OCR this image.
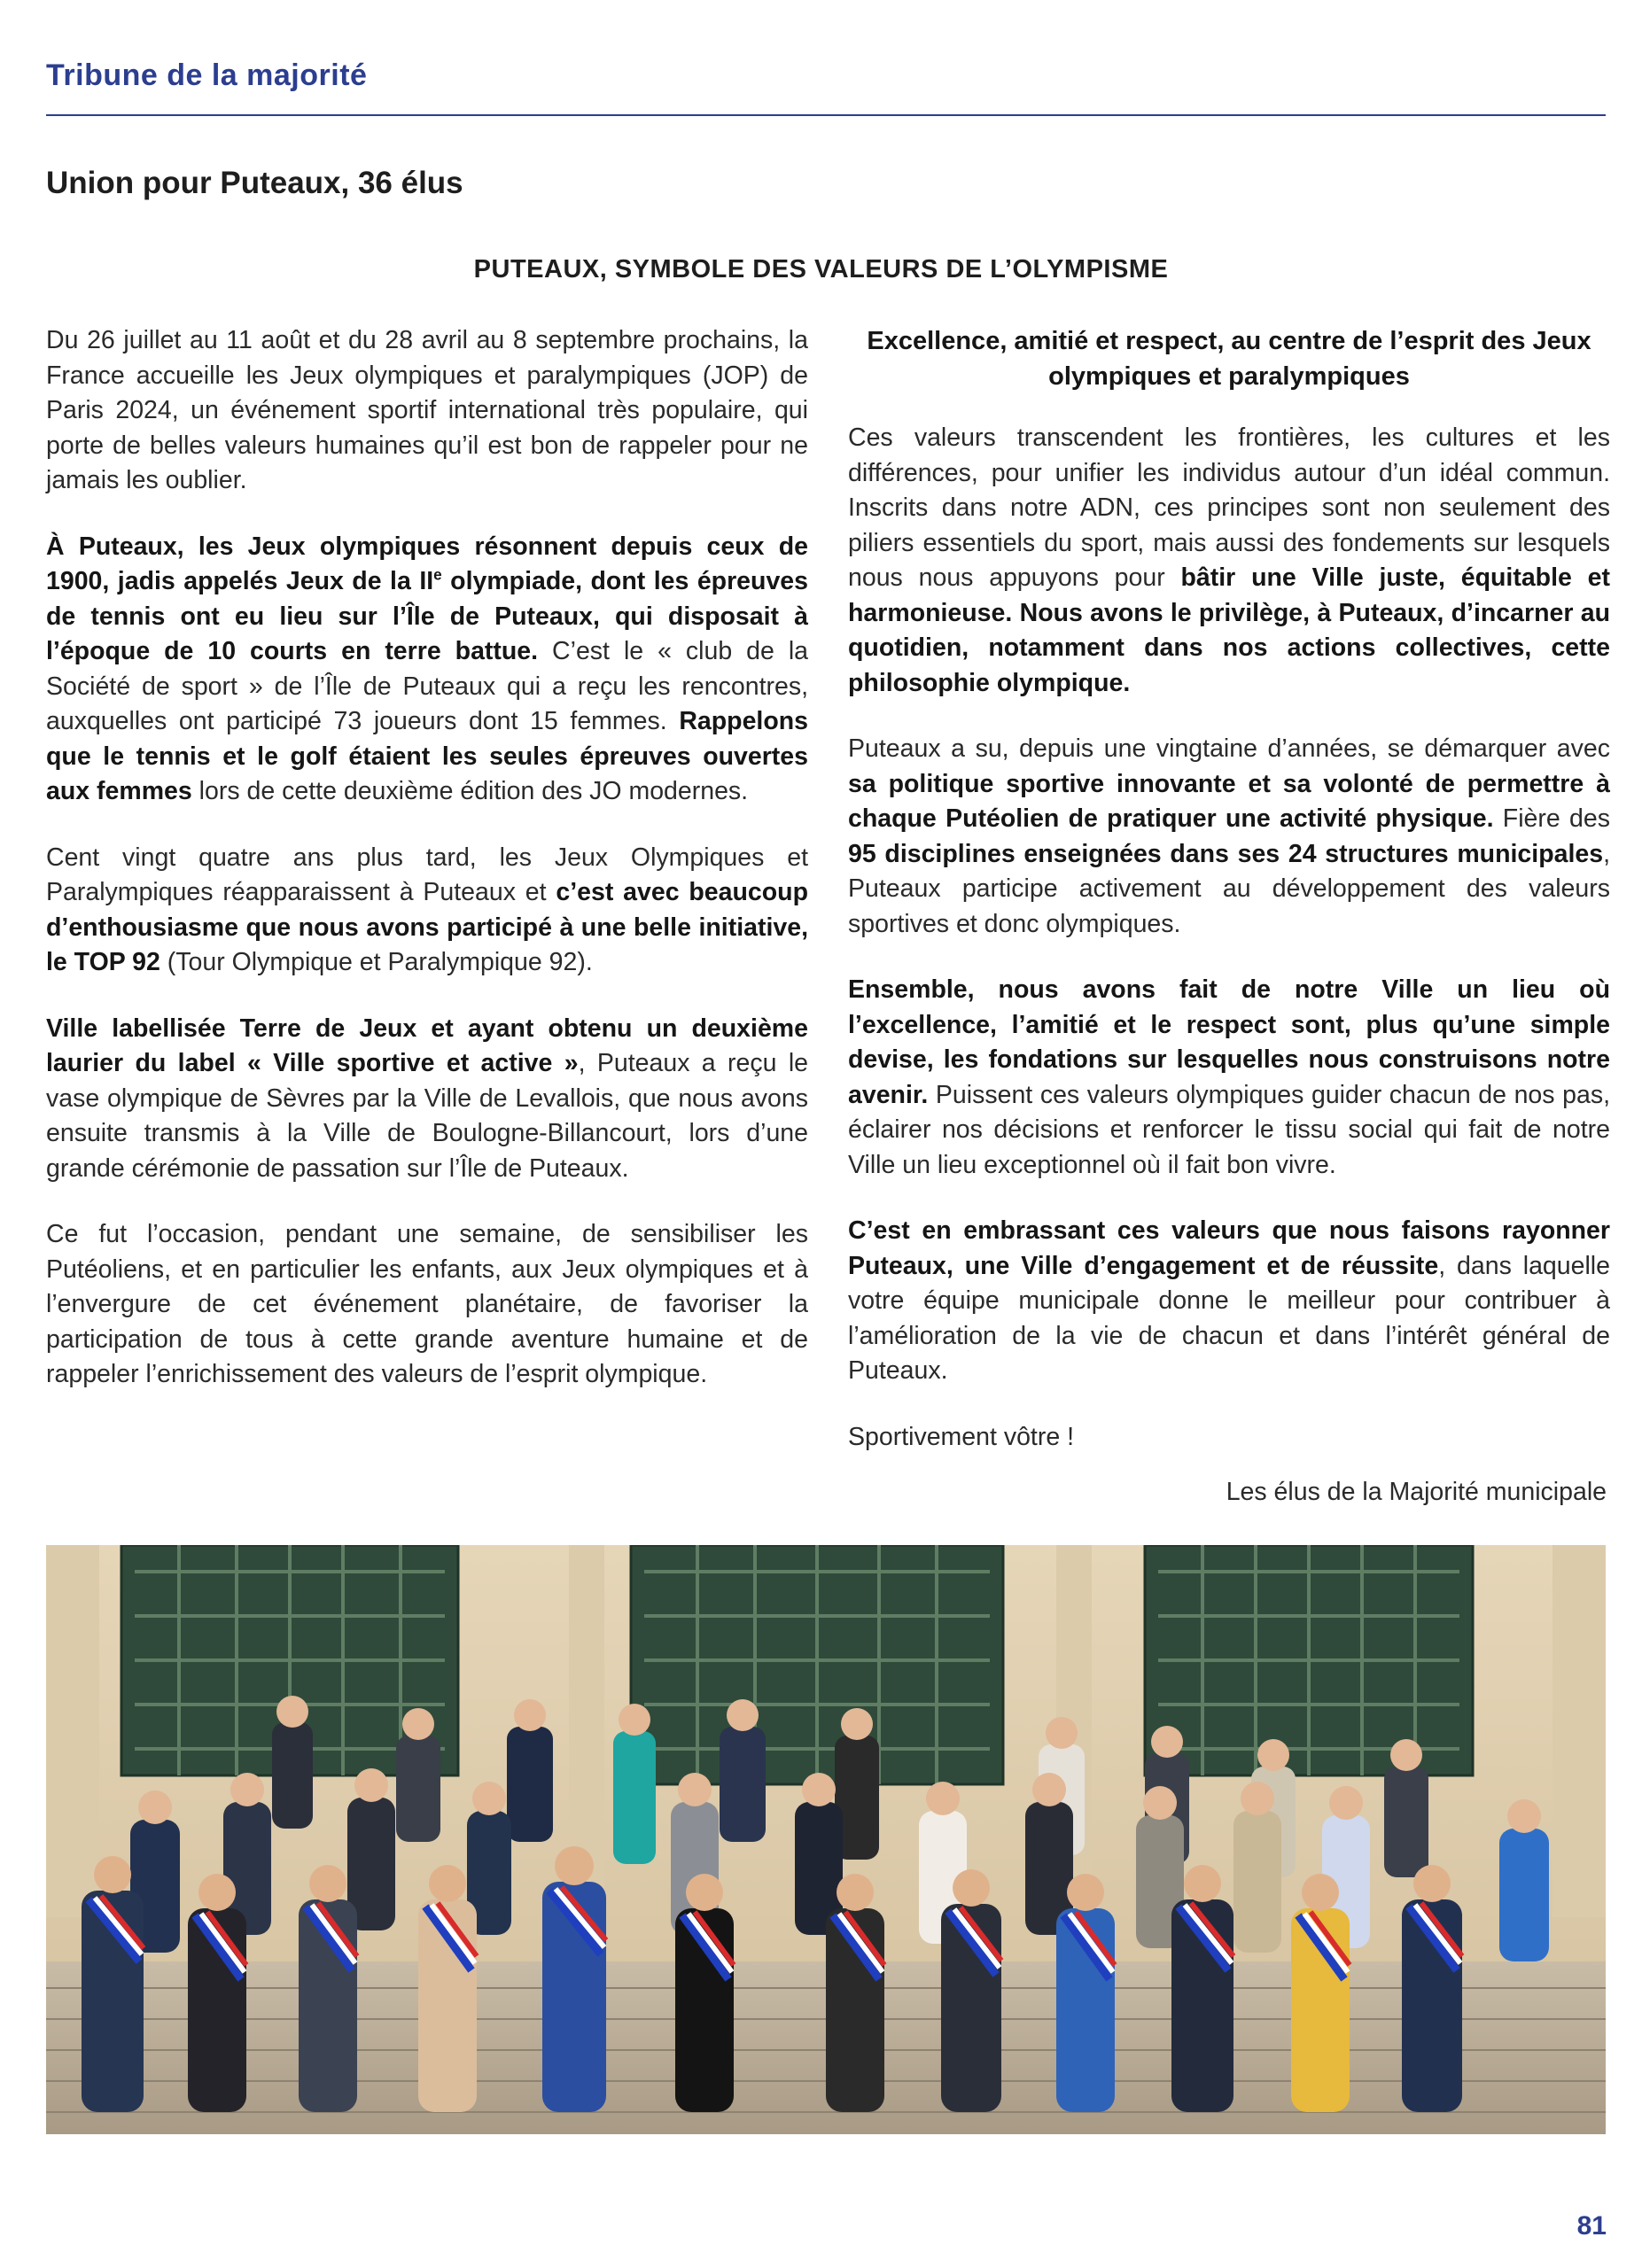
Tribune de la majorité
Union pour Puteaux, 36 élus
PUTEAUX, SYMBOLE DES VALEURS DE L’OLYMPISME

Du 26 juillet au 11 août et du 28 avril au 8 septembre prochains, la France accueille les Jeux olympiques et paralympiques (JOP) de Paris 2024, un événement sportif international très populaire, qui porte de belles valeurs humaines qu’il est bon de rappeler pour ne jamais les oublier.

À Puteaux, les Jeux olympiques résonnent depuis ceux de 1900, jadis appelés Jeux de la IIe olympiade, dont les épreuves de tennis ont eu lieu sur l’Île de Puteaux, qui disposait à l’époque de 10 courts en terre battue. C’est le « club de la Société de sport » de l’Île de Puteaux qui a reçu les rencontres, auxquelles ont participé 73 joueurs dont 15 femmes. Rappelons que le tennis et le golf étaient les seules épreuves ouvertes aux femmes lors de cette deuxième édition des JO modernes.

Cent vingt quatre ans plus tard, les Jeux Olympiques et Paralympiques réapparaissent à Puteaux et c’est avec beaucoup d’enthousiasme que nous avons participé à une belle initiative, le TOP 92 (Tour Olympique et Paralympique 92).

Ville labellisée Terre de Jeux et ayant obtenu un deuxième laurier du label « Ville sportive et active », Puteaux a reçu le vase olympique de Sèvres par la Ville de Levallois, que nous avons ensuite transmis à la Ville de Boulogne-Billancourt, lors d’une grande cérémonie de passation sur l’Île de Puteaux.

Ce fut l’occasion, pendant une semaine, de sensibiliser les Putéoliens, et en particulier les enfants, aux Jeux olympiques et à l’envergure de cet événement planétaire, de favoriser la participation de tous à cette grande aventure humaine et de rappeler l’enrichissement des valeurs de l’esprit olympique.

Excellence, amitié et respect, au centre de l’esprit des Jeux olympiques et paralympiques

Ces valeurs transcendent les frontières, les cultures et les différences, pour unifier les individus autour d’un idéal commun. Inscrits dans notre ADN, ces principes sont non seulement des piliers essentiels du sport, mais aussi des fondements sur lesquels nous nous appuyons pour bâtir une Ville juste, équitable et harmonieuse. Nous avons le privilège, à Puteaux, d’incarner au quotidien, notamment dans nos actions collectives, cette philosophie olympique.

Puteaux a su, depuis une vingtaine d’années, se démarquer avec sa politique sportive innovante et sa volonté de permettre à chaque Putéolien de pratiquer une activité physique. Fière des 95 disciplines enseignées dans ses 24 structures municipales, Puteaux participe activement au développement des valeurs sportives et donc olympiques.

Ensemble, nous avons fait de notre Ville un lieu où l’excellence, l’amitié et le respect sont, plus qu’une simple devise, les fondations sur lesquelles nous construisons notre avenir. Puissent ces valeurs olympiques guider chacun de nos pas, éclairer nos décisions et renforcer le tissu social qui fait de notre Ville un lieu exceptionnel où il fait bon vivre.

C’est en embrassant ces valeurs que nous faisons rayonner Puteaux, une Ville d’engagement et de réussite, dans laquelle votre équipe municipale donne le meilleur pour contribuer à l’amélioration de la vie de chacun et dans l’intérêt général de Puteaux.

Sportivement vôtre !

Les élus de la Majorité municipale
81
